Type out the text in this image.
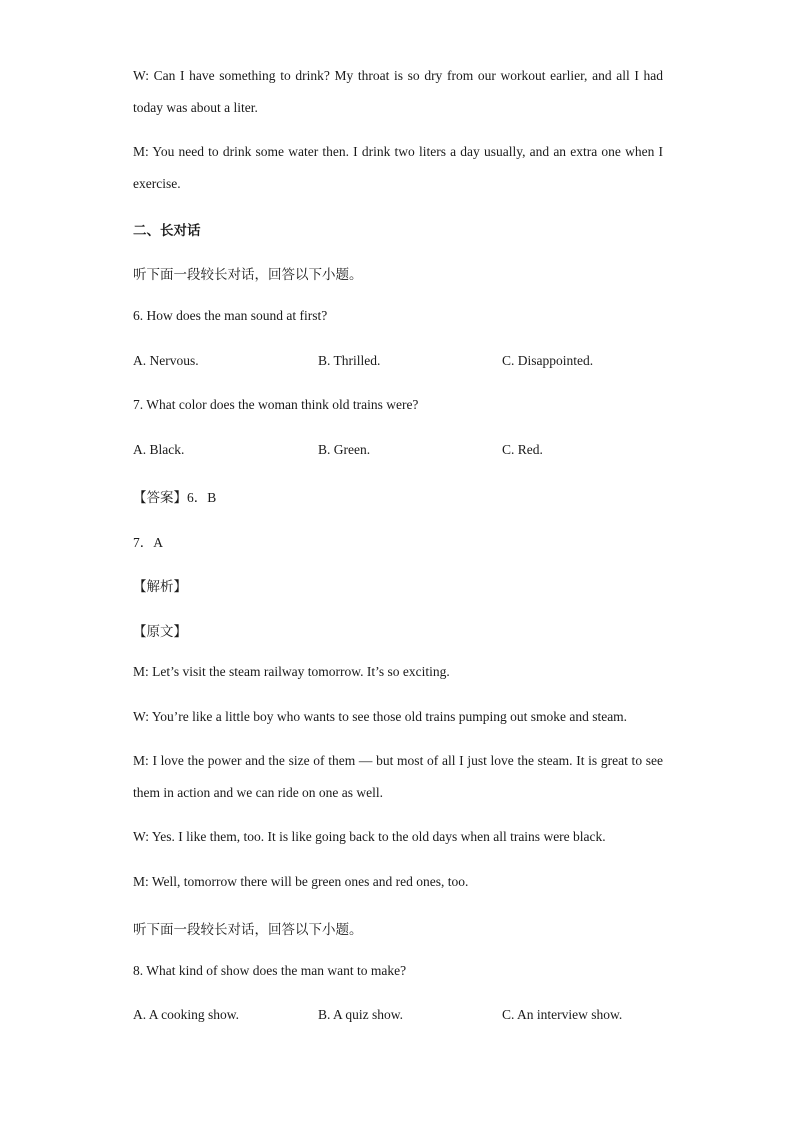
W: Can I have something to drink? My throat is so dry from our workout earlier, and all I had today was about a liter.
M: You need to drink some water then. I drink two liters a day usually, and an extra one when I exercise.
二、长对话
听下面一段较长对话，回答以下小题。
6. How does the man sound at first?
A. Nervous.	B. Thrilled.	C. Disappointed.
7. What color does the woman think old trains were?
A. Black.	B. Green.	C. Red.
【答案】6．B
7．A
【解析】
【原文】
M: Let’s visit the steam railway tomorrow. It’s so exciting.
W: You’re like a little boy who wants to see those old trains pumping out smoke and steam.
M: I love the power and the size of them — but most of all I just love the steam. It is great to see them in action and we can ride on one as well.
W: Yes. I like them, too. It is like going back to the old days when all trains were black.
M: Well, tomorrow there will be green ones and red ones, too.
听下面一段较长对话，回答以下小题。
8. What kind of show does the man want to make?
A. A cooking show.	B. A quiz show.	C. An interview show.
